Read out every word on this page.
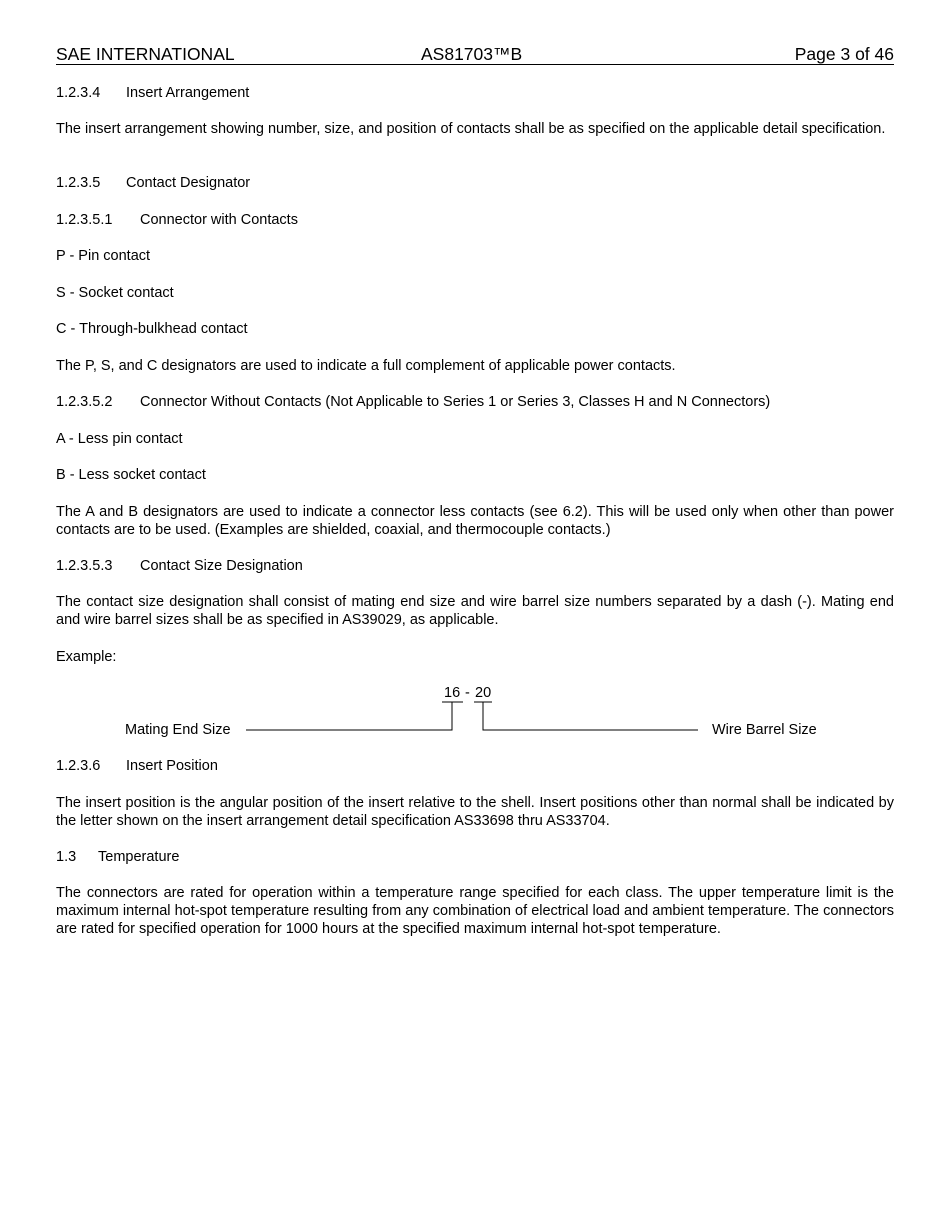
SAE INTERNATIONAL	AS81703™B	Page 3 of 46
1.2.3.4 Insert Arrangement

The insert arrangement showing number, size, and position of contacts shall be as specified on the applicable detail specification.

1.2.3.5 Contact Designator
1.2.3.5.1 Connector with Contacts

P - Pin contact

S - Socket contact

C - Through-bulkhead contact

The P, S, and C designators are used to indicate a full complement of applicable power contacts.

1.2.3.5.2 Connector Without Contacts (Not Applicable to Series 1 or Series 3, Classes H and N Connectors)

A - Less pin contact

B - Less socket contact

The A and B designators are used to indicate a connector less contacts (see 6.2). This will be used only when other than power contacts are to be used. (Examples are shielded, coaxial, and thermocouple contacts.)

1.2.3.5.3 Contact Size Designation

The contact size designation shall consist of mating end size and wire barrel size numbers separated by a dash (-). Mating end and wire barrel sizes shall be as specified in AS39029, as applicable.

Example:

16 - 20
Mating End Size	Wire Barrel Size
1.2.3.6 Insert Position

The insert position is the angular position of the insert relative to the shell. Insert positions other than normal shall be indicated by the letter shown on the insert arrangement detail specification AS33698 thru AS33704.

1.3 Temperature

The connectors are rated for operation within a temperature range specified for each class. The upper temperature limit is the maximum internal hot-spot temperature resulting from any combination of electrical load and ambient temperature. The connectors are rated for specified operation for 1000 hours at the specified maximum internal hot-spot temperature.
